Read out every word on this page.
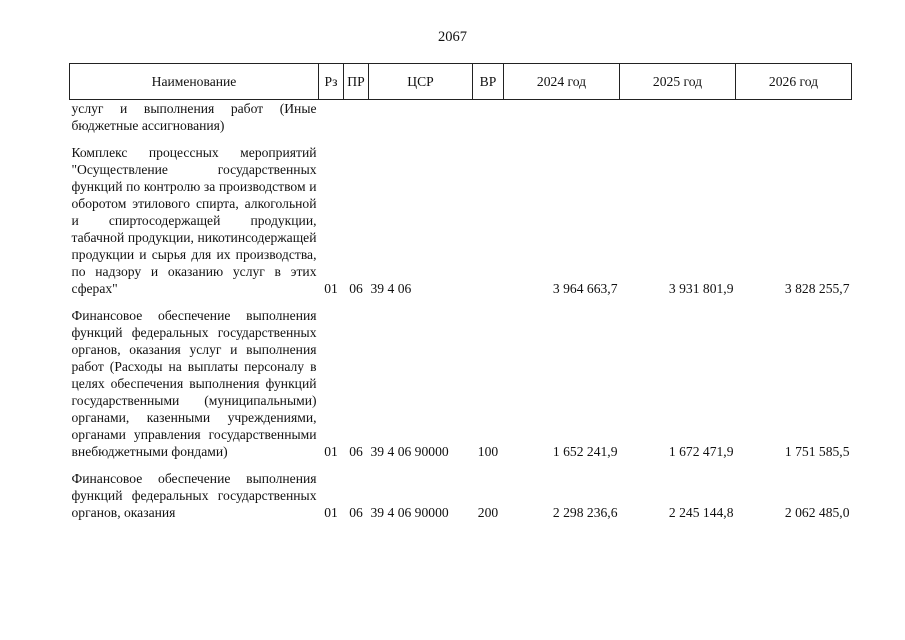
2067
Наименование	Рз	ПР	ЦСР	ВР	2024 год	2025 год	2026 год
услуг и выполнения работ (Иные бюджетные ассигнования)							

Комплекс процессных мероприятий "Осуществление государственных функций по контролю за производством и оборотом этилового спирта, алкогольной и спиртосодержащей продукции, табачной продукции, никотинсодержащей продукции и сырья для их производства, по надзору и оказанию услуг в этих сферах"	01	06	39 4 06		3 964 663,7	3 931 801,9	3 828 255,7

Финансовое обеспечение выполнения функций федеральных государственных органов, оказания услуг и выполнения работ (Расходы на выплаты персоналу в целях обеспечения выполнения функций государственными (муниципальными) органами, казенными учреждениями, органами управления государственными внебюджетными фондами)	01	06	39 4 06 90000	100	1 652 241,9	1 672 471,9	1 751 585,5

Финансовое обеспечение выполнения функций федеральных государственных органов, оказания	01	06	39 4 06 90000	200	2 298 236,6	2 245 144,8	2 062 485,0
